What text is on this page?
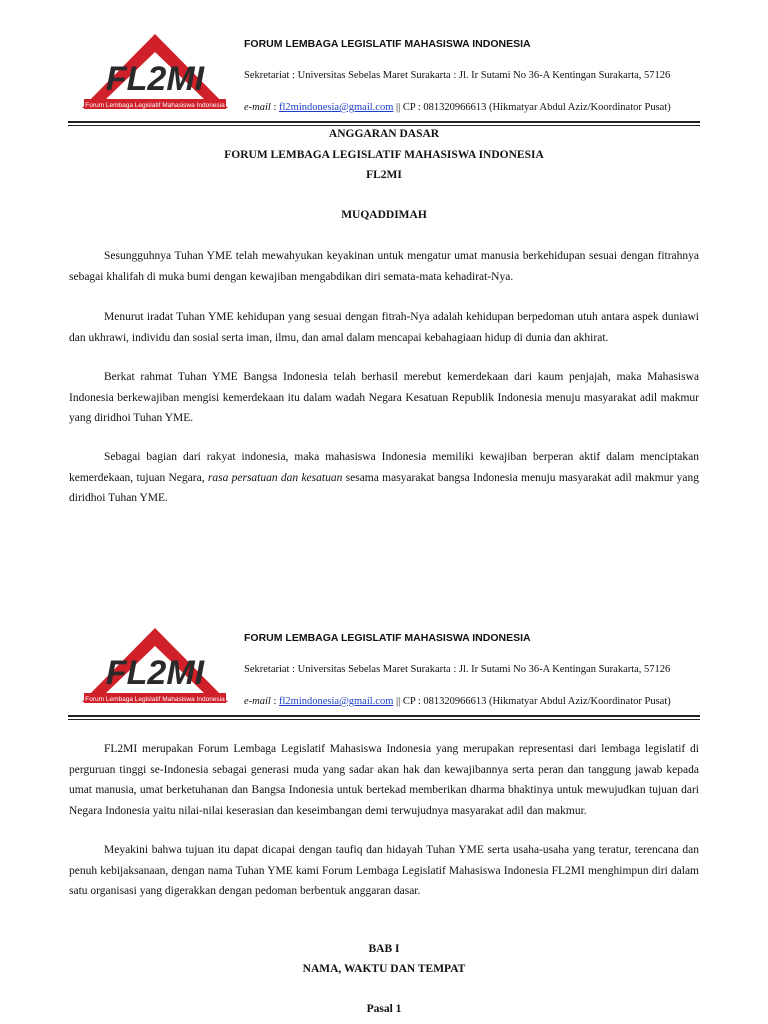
FL2MI
Forum Lembaga Legislatif Mahasiswa Indonesia
FORUM LEMBAGA LEGISLATIF MAHASISWA INDONESIA
Sekretariat : Universitas Sebelas Maret Surakarta : Jl. Ir Sutami No 36-A Kentingan Surakarta, 57126
e-mail : fl2mindonesia@gmail.com || CP : 081320966613 (Hikmatyar Abdul Aziz/Koordinator Pusat)
ANGGARAN DASAR
FORUM LEMBAGA LEGISLATIF MAHASISWA INDONESIA
FL2MI
MUQADDIMAH

Sesungguhnya Tuhan YME telah mewahyukan keyakinan untuk mengatur umat manusia berkehidupan sesuai dengan fitrahnya sebagai khalifah di muka bumi dengan kewajiban mengabdikan diri semata-mata kehadirat-Nya.

Menurut iradat Tuhan YME kehidupan yang sesuai dengan fitrah-Nya adalah kehidupan berpedoman utuh antara aspek duniawi dan ukhrawi, individu dan sosial serta iman, ilmu, dan amal dalam mencapai kebahagiaan hidup di dunia dan akhirat.

Berkat rahmat Tuhan YME Bangsa Indonesia telah berhasil merebut kemerdekaan dari kaum penjajah, maka Mahasiswa Indonesia berkewajiban mengisi kemerdekaan itu dalam wadah Negara Kesatuan Republik Indonesia menuju masyarakat adil makmur yang diridhoi Tuhan YME.

Sebagai bagian dari rakyat indonesia, maka mahasiswa Indonesia memiliki kewajiban berperan aktif dalam menciptakan kemerdekaan, tujuan Negara, rasa persatuan dan kesatuan sesama masyarakat bangsa Indonesia menuju masyarakat adil makmur yang diridhoi Tuhan YME.

FL2MI
Forum Lembaga Legislatif Mahasiswa Indonesia
FORUM LEMBAGA LEGISLATIF MAHASISWA INDONESIA
Sekretariat : Universitas Sebelas Maret Surakarta : Jl. Ir Sutami No 36-A Kentingan Surakarta, 57126
e-mail : fl2mindonesia@gmail.com || CP : 081320966613 (Hikmatyar Abdul Aziz/Koordinator Pusat)

FL2MI merupakan Forum Lembaga Legislatif Mahasiswa Indonesia yang merupakan representasi dari lembaga legislatif di perguruan tinggi se-Indonesia sebagai generasi muda yang sadar akan hak dan kewajibannya serta peran dan tanggung jawab kepada umat manusia, umat berketuhanan dan Bangsa Indonesia untuk bertekad memberikan dharma bhaktinya untuk mewujudkan tujuan dari Negara Indonesia yaitu nilai-nilai keserasian dan keseimbangan demi terwujudnya masyarakat adil dan makmur.

Meyakini bahwa tujuan itu dapat dicapai dengan taufiq dan hidayah Tuhan YME serta usaha-usaha yang teratur, terencana dan penuh kebijaksanaan, dengan nama Tuhan YME kami Forum Lembaga Legislatif Mahasiswa Indonesia FL2MI menghimpun diri dalam satu organisasi yang digerakkan dengan pedoman berbentuk anggaran dasar.

BAB I
NAMA, WAKTU DAN TEMPAT
Pasal 1
